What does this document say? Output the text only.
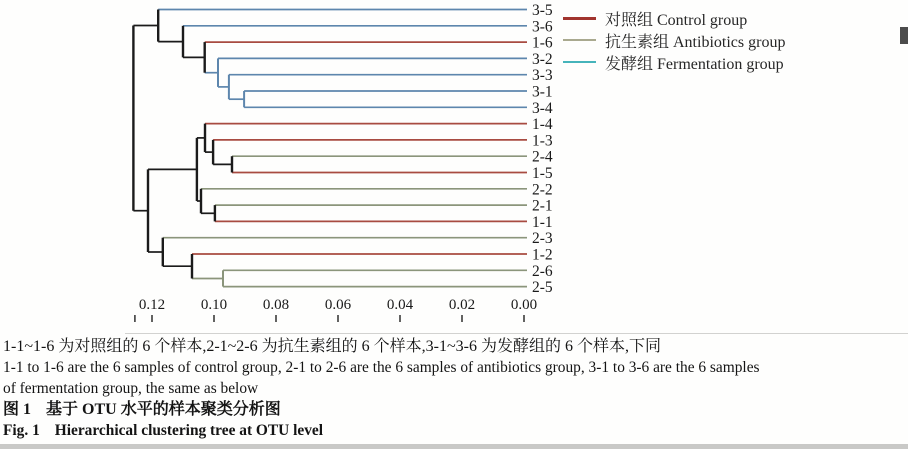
3-5
3-6
1-6
3-2
3-3
3-1
3-4
1-4
1-3
2-4
1-5
2-2
2-1
1-1
2-3
1-2
2-6
2-5
0.12 0.10 0.08 0.06 0.04 0.02 0.00
对照组 Control group
抗生素组 Antibiotics group
发酵组 Fermentation group
1-1~1-6 为对照组的 6 个样本,2-1~2-6 为抗生素组的 6 个样本,3-1~3-6 为发酵组的 6 个样本,下同
1-1 to 1-6 are the 6 samples of control group, 2-1 to 2-6 are the 6 samples of antibiotics group, 3-1 to 3-6 are the 6 samples
of fermentation group, the same as below
图 1 基于 OTU 水平的样本聚类分析图
Fig. 1 Hierarchical clustering tree at OTU level
